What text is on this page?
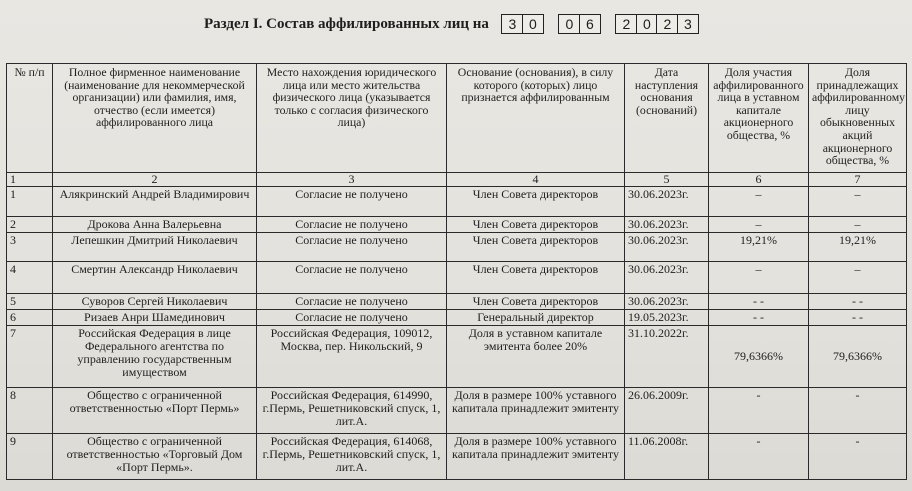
Раздел I. Состав аффилированных лиц на	3 0	0 6	2 0 2 3
№ п/п	Полное фирменное наименование (наименование для некоммерческой организации) или фамилия, имя, отчество (если имеется) аффилированного лица	Место нахождения юридического лица или место жительства физического лица (указывается только с согласия физического лица)	Основание (основания), в силу которого (которых) лицо признается аффилированным	Дата наступления основания (оснований)	Доля участия аффилированного лица в уставном капитале акционерного общества, %	Доля принадлежащих аффилированному лицу обыкновенных акций акционерного общества, %
1	2	3	4	5	6	7
1	Алякринский Андрей Владимирович	Согласие не получено	Член Совета директоров	30.06.2023г.	–	–
2	Дрокова Анна Валерьевна	Согласие не получено	Член Совета директоров	30.06.2023г.	–	–
3	Лепешкин Дмитрий Николаевич	Согласие не получено	Член Совета директоров	30.06.2023г.	19,21%	19,21%
4	Смертин Александр Николаевич	Согласие не получено	Член Совета директоров	30.06.2023г.	–	–
5	Суворов Сергей Николаевич	Согласие не получено	Член Совета директоров	30.06.2023г.	- -	- -
6	Ризаев Анри Шамединович	Согласие не получено	Генеральный директор	19.05.2023г.	- -	- -
7	Российская Федерация в лице Федерального агентства по управлению государственным имуществом	Российская Федерация, 109012, Москва, пер. Никольский, 9	Доля в уставном капитале эмитента более 20%	31.10.2022г.	79,6366%	79,6366%
8	Общество с ограниченной ответственностью «Порт Пермь»	Российская Федерация, 614990, г.Пермь, Решетниковский спуск, 1, лит.А.	Доля в размере 100% уставного капитала принадлежит эмитенту	26.06.2009г.	-	-
9	Общество с ограниченной ответственностью «Торговый Дом «Порт Пермь».	Российская Федерация, 614068, г.Пермь, Решетниковский спуск, 1, лит.А.	Доля в размере 100% уставного капитала принадлежит эмитенту	11.06.2008г.	-	-
